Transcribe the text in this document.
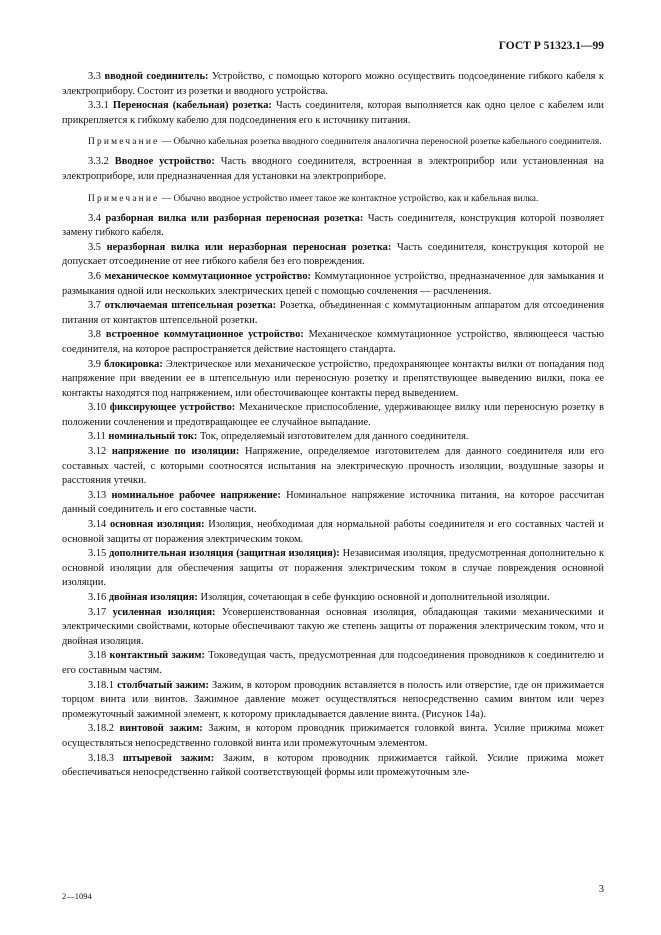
ГОСТ Р 51323.1—99

3.3 вводной соединитель: Устройство, с помощью которого можно осуществить подсоединение гибкого кабеля к электроприбору. Состоит из розетки и вводного устройства.

3.3.1 Переносная (кабельная) розетка: Часть соединителя, которая выполняется как одно целое с кабелем или прикрепляется к гибкому кабелю для подсоединения его к источнику питания.

Примечание — Обычно кабельная розетка вводного соединителя аналогична переносной розетке кабельного соединителя.

3.3.2 Вводное устройство: Часть вводного соединителя, встроенная в электроприбор или установленная на электроприборе, или предназначенная для установки на электроприборе.

Примечание — Обычно вводное устройство имеет такое же контактное устройство, как и кабельная вилка.

3.4 разборная вилка или разборная переносная розетка: Часть соединителя, конструкция которой позволяет замену гибкого кабеля.

3.5 неразборная вилка или неразборная переносная розетка: Часть соединителя, конструкция которой не допускает отсоединение от нее гибкого кабеля без его повреждения.

3.6 механическое коммутационное устройство: Коммутационное устройство, предназначенное для замыкания и размыкания одной или нескольких электрических цепей с помощью сочленения — расчленения.

3.7 отключаемая штепсельная розетка: Розетка, объединенная с коммутационным аппаратом для отсоединения питания от контактов штепсельной розетки.

3.8 встроенное коммутационное устройство: Механическое коммутационное устройство, являющееся частью соединителя, на которое распространяется действие настоящего стандарта.

3.9 блокировка: Электрическое или механическое устройство, предохраняющее контакты вилки от попадания под напряжение при введении ее в штепсельную или переносную розетку и препятствующее выведению вилки, пока ее контакты находятся под напряжением, или обесточивающее контакты перед выведением.

3.10 фиксирующее устройство: Механическое приспособление, удерживающее вилку или переносную розетку в положении сочленения и предотвращающее ее случайное выпадание.

3.11 номинальный ток: Ток, определяемый изготовителем для данного соединителя.

3.12 напряжение по изоляции: Напряжение, определяемое изготовителем для данного соединителя или его составных частей, с которыми соотносятся испытания на электрическую прочность изоляции, воздушные зазоры и расстояния утечки.

3.13 номинальное рабочее напряжение: Номинальное напряжение источника питания, на которое рассчитан данный соединитель и его составные части.

3.14 основная изоляция: Изоляция, необходимая для нормальной работы соединителя и его составных частей и основной защиты от поражения электрическим током.

3.15 дополнительная изоляция (защитная изоляция): Независимая изоляция, предусмотренная дополнительно к основной изоляции для обеспечения защиты от поражения электрическим током в случае повреждения основной изоляции.

3.16 двойная изоляция: Изоляция, сочетающая в себе функцию основной и дополнительной изоляции.

3.17 усиленная изоляция: Усовершенствованная основная изоляция, обладающая такими механическими и электрическими свойствами, которые обеспечивают такую же степень защиты от поражения электрическим током, что и двойная изоляция.

3.18 контактный зажим: Токоведущая часть, предусмотренная для подсоединения проводников к соединителю и его составным частям.

3.18.1 столбчатый зажим: Зажим, в котором проводник вставляется в полость или отверстие, где он прижимается торцом винта или винтов. Зажимное давление может осуществляться непосредственно самим винтом или через промежуточный зажимной элемент, к которому прикладывается давление винта. (Рисунок 14а).

3.18.2 винтовой зажим: Зажим, в котором проводник прижимается головкой винта. Усилие прижима может осуществляться непосредственно головкой винта или промежуточным элементом.

3.18.3 штыревой зажим: Зажим, в котором проводник прижимается гайкой. Усилие прижима может обеспечиваться непосредственно гайкой соответствующей формы или промежуточным эле-

2—1094
3
